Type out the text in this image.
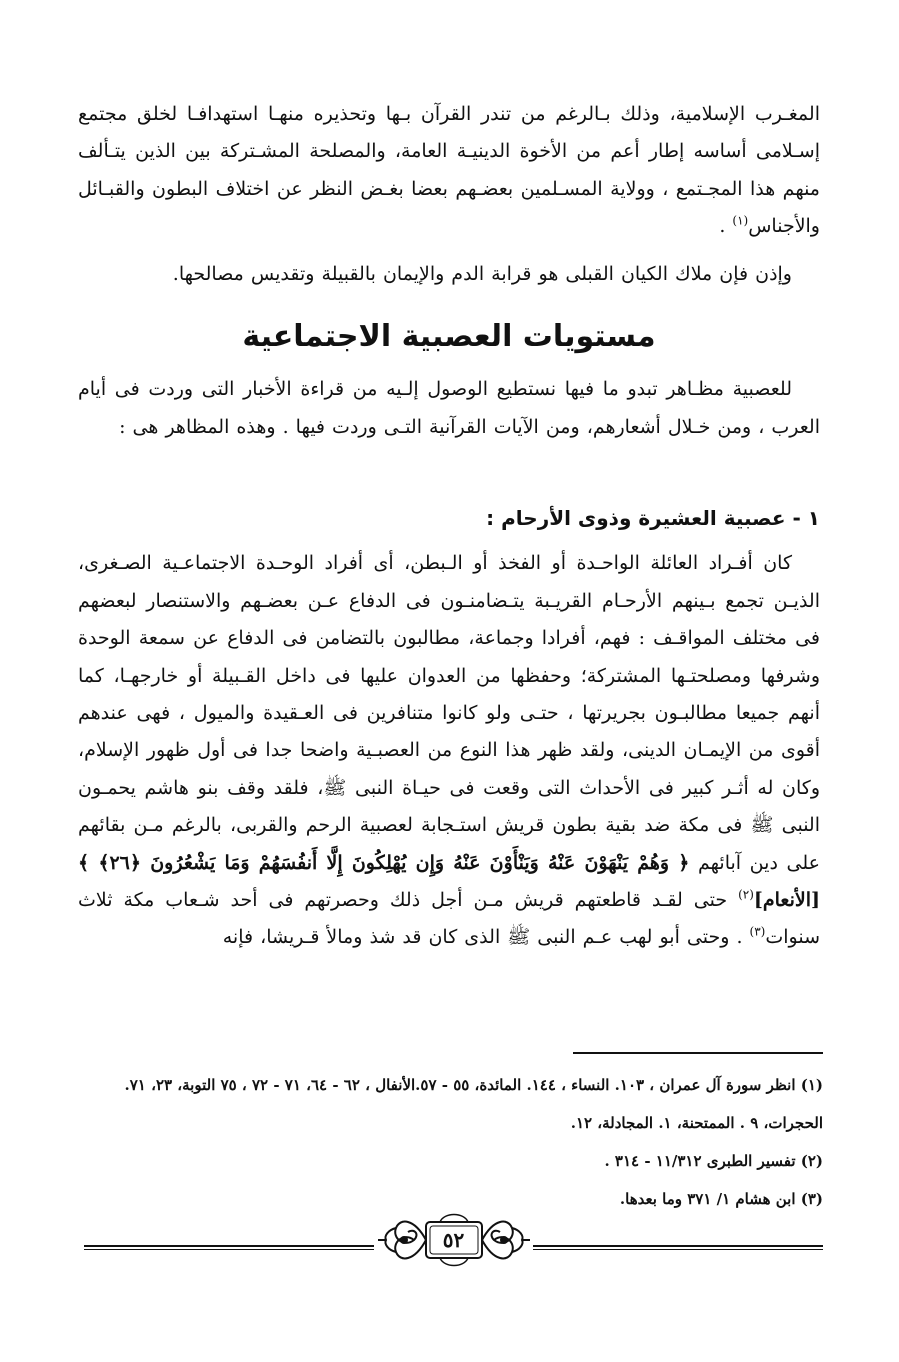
المغـرب الإسلامية، وذلك بـالرغم من تندر القرآن بـها وتحذيره منهـا استهدافـا لخلق مجتمع إسـلامى أساسه إطار أعم من الأخوة الدينيـة العامة، والمصلحة المشـتركة بين الذين يتـألف منهم هذا المجـتمع ، وولاية المسـلمين بعضـهم بعضا بغـض النظر عن اختلاف البطون والقبـائل والأجناس$^{(١)}$ .

وإذن فإن ملاك الكيان القبلى هو قرابة الدم والإيمان بالقبيلة وتقديس مصالحها.

مستويات العصبية الاجتماعية

للعصبية مظـاهر تبدو ما فيها نستطيع الوصول إلـيه من قراءة الأخبار التى وردت فى أيام العرب ، ومن خـلال أشعارهم، ومن الآيات القرآنية التـى وردت فيها . وهذه المظاهر هى :

١ - عصبية العشيرة وذوى الأرحام :

كان أفـراد العائلة الواحـدة أو الفخذ أو الـبطن، أى أفراد الوحـدة الاجتماعـية الصـغرى، الذيـن تجمع بـينهم الأرحـام القريـبة يتـضامنـون فى الدفاع عـن بعضـهم والاستنصار لبعضهم فى مختلف المواقـف : فهم، أفرادا وجماعة، مطالبون بالتضامن فى الدفاع عن سمعة الوحدة وشرفها ومصلحتـها المشتركة؛ وحفظها من العدوان عليها فى داخل القـبيلة أو خارجهـا، كما أنهم جميعا مطالبـون بجريرتها ، حتـى ولو كانوا متنافرين فى العـقيدة والميول ، فهى عندهم أقوى من الإيمـان الدينى، ولقد ظهر هذا النوع من العصبـية واضحا جدا فى أول ظهور الإسلام، وكان له أثـر كبير فى الأحداث التى وقعت فى حيـاة النبى ﷺ، فلقد وقف بنو هاشم يحمـون النبى ﷺ فى مكة ضد بقية بطون قريش استـجابة لعصبية الرحم والقربى، بالرغم مـن بقائهم على دين آبائهم ﴿ وَهُمْ يَنْهَوْنَ عَنْهُ وَيَنْأَوْنَ عَنْهُ وَإِن يُهْلِكُونَ إِلَّا أَنفُسَهُمْ وَمَا يَشْعُرُونَ ﴿٢٦﴾ ﴾ [الأنعام]$^{(٢)}$ حتى لقـد قاطعتهم قريش مـن أجل ذلك وحصرتهم فى أحد شـعاب مكة ثلاث سنوات$^{(٣)}$ . وحتى أبو لهب عـم النبى ﷺ الذى كان قد شذ ومالأ قـريشا، فإنه

(١) انظر سورة آل عمران ، ١٠٣. النساء ، ١٤٤. المائدة، ٥٥ - ٥٧.الأنفال ، ٦٢ - ٦٤، ٧١ - ٧٢ ، ٧٥ التوبة، ٢٣، ٧١. الحجرات، ٩ . الممتحنة، ١. المجادلة، ١٢.

(٢) تفسير الطبرى ١١/٣١٢ - ٣١٤ .

(٣) ابن هشام ١/ ٣٧١ وما بعدها.

٥٢
